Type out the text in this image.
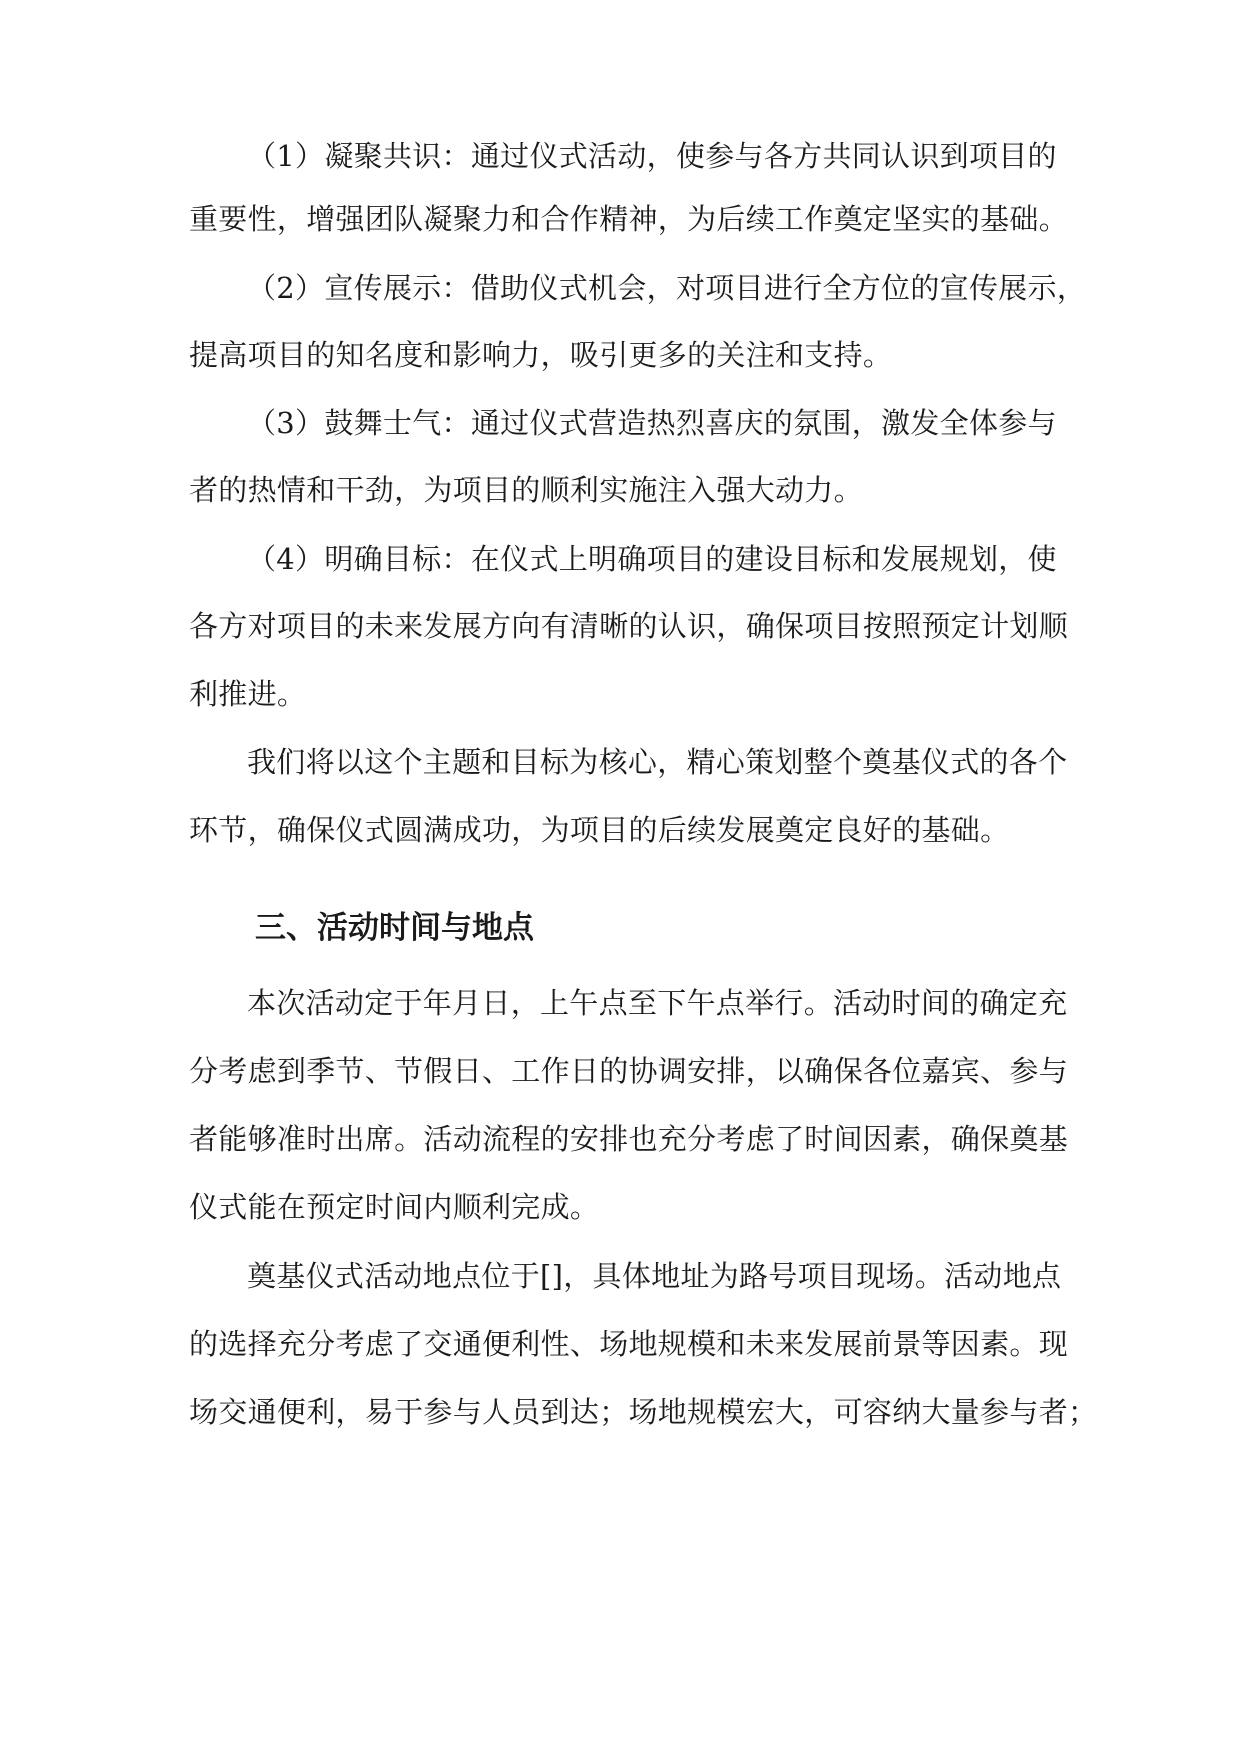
（1）凝聚共识：通过仪式活动，使参与各方共同认识到项目的
重要性，增强团队凝聚力和合作精神，为后续工作奠定坚实的基础。
（2）宣传展示：借助仪式机会，对项目进行全方位的宣传展示，
提高项目的知名度和影响力，吸引更多的关注和支持。
（3）鼓舞士气：通过仪式营造热烈喜庆的氛围，激发全体参与
者的热情和干劲，为项目的顺利实施注入强大动力。
（4）明确目标：在仪式上明确项目的建设目标和发展规划，使
各方对项目的未来发展方向有清晰的认识，确保项目按照预定计划顺
利推进。
我们将以这个主题和目标为核心，精心策划整个奠基仪式的各个
环节，确保仪式圆满成功，为项目的后续发展奠定良好的基础。
三、活动时间与地点
本次活动定于年月日，上午点至下午点举行。活动时间的确定充
分考虑到季节、节假日、工作日的协调安排，以确保各位嘉宾、参与
者能够准时出席。活动流程的安排也充分考虑了时间因素，确保奠基
仪式能在预定时间内顺利完成。
奠基仪式活动地点位于[]，具体地址为路号项目现场。活动地点
的选择充分考虑了交通便利性、场地规模和未来发展前景等因素。现
场交通便利，易于参与人员到达；场地规模宏大，可容纳大量参与者；
